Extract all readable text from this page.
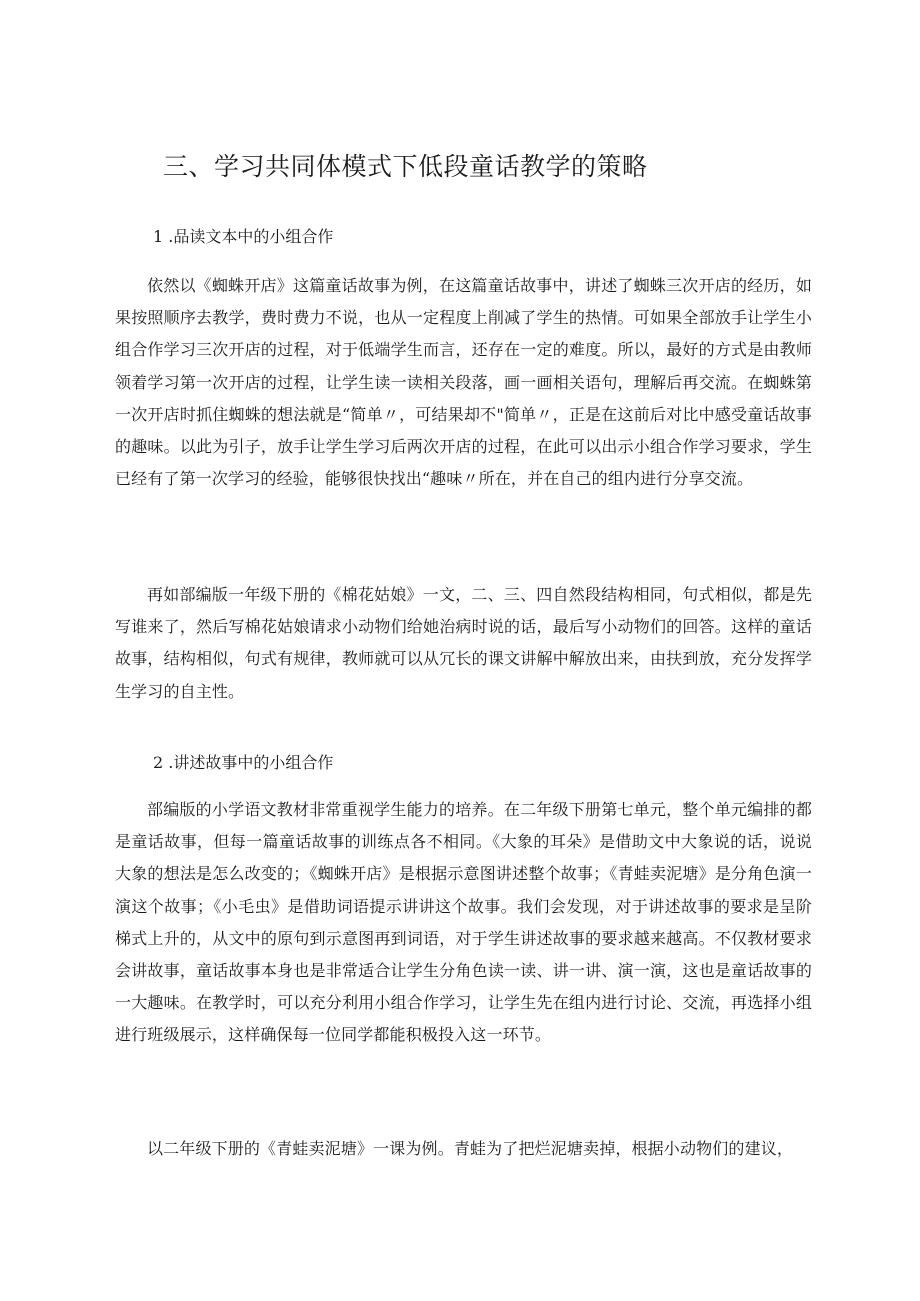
三、学习共同体模式下低段童话教学的策略
1 .品读文本中的小组合作

依然以《蜘蛛开店》这篇童话故事为例，在这篇童话故事中，讲述了蜘蛛三次开店的经历，如果按照顺序去教学，费时费力不说，也从一定程度上削减了学生的热情。可如果全部放手让学生小组合作学习三次开店的过程，对于低端学生而言，还存在一定的难度。所以，最好的方式是由教师领着学习第一次开店的过程，让学生读一读相关段落，画一画相关语句，理解后再交流。在蜘蛛第一次开店时抓住蜘蛛的想法就是“简单〃，可结果却不"简单〃，正是在这前后对比中感受童话故事的趣味。以此为引子，放手让学生学习后两次开店的过程，在此可以出示小组合作学习要求，学生已经有了第一次学习的经验，能够很快找出“趣味〃所在，并在自己的组内进行分享交流。

再如部编版一年级下册的《棉花姑娘》一文，二、三、四自然段结构相同，句式相似，都是先写谁来了，然后写棉花姑娘请求小动物们给她治病时说的话，最后写小动物们的回答。这样的童话故事，结构相似，句式有规律，教师就可以从冗长的课文讲解中解放出来，由扶到放，充分发挥学生学习的自主性。

2 .讲述故事中的小组合作

部编版的小学语文教材非常重视学生能力的培养。在二年级下册第七单元，整个单元编排的都是童话故事，但每一篇童话故事的训练点各不相同。《大象的耳朵》是借助文中大象说的话，说说大象的想法是怎么改变的；《蜘蛛开店》是根据示意图讲述整个故事；《青蛙卖泥塘》是分角色演一演这个故事；《小毛虫》是借助词语提示讲讲这个故事。我们会发现，对于讲述故事的要求是呈阶梯式上升的，从文中的原句到示意图再到词语，对于学生讲述故事的要求越来越高。不仅教材要求会讲故事，童话故事本身也是非常适合让学生分角色读一读、讲一讲、演一演，这也是童话故事的一大趣味。在教学时，可以充分利用小组合作学习，让学生先在组内进行讨论、交流，再选择小组进行班级展示，这样确保每一位同学都能积极投入这一环节。

以二年级下册的《青蛙卖泥塘》一课为例。青蛙为了把烂泥塘卖掉，根据小动物们的建议，
